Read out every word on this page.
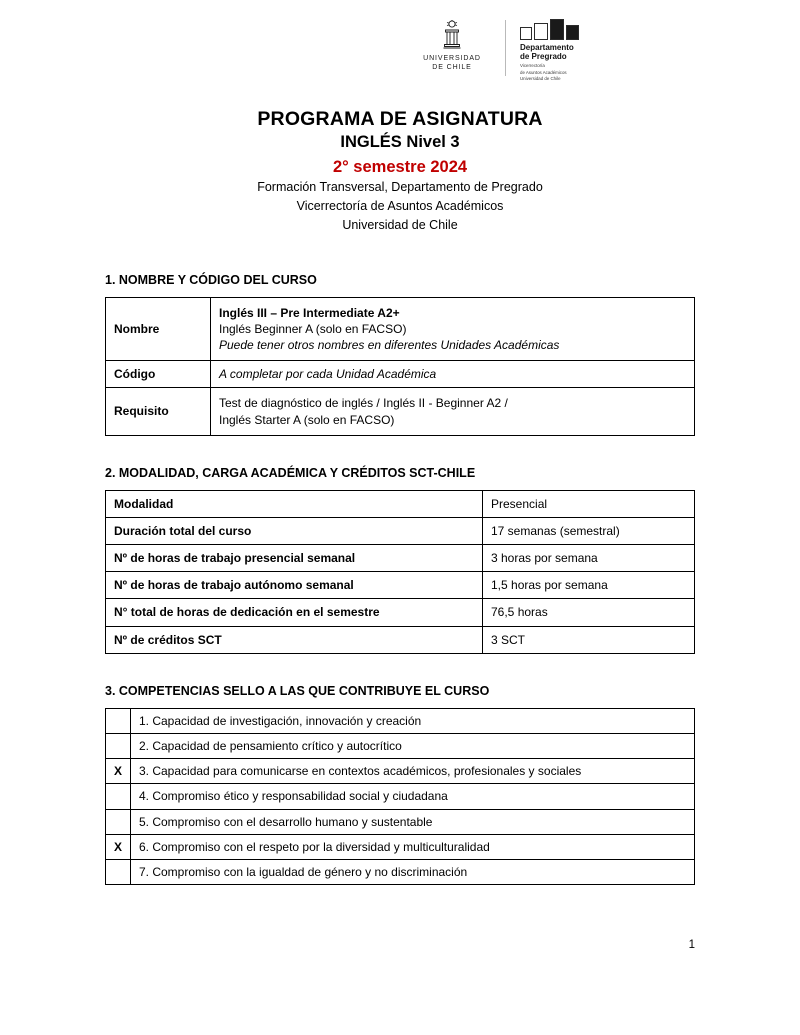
UNIVERSIDAD
DE CHILE
Departamento
de Pregrado
Vicerrectoría
de Asuntos Académicos
Universidad de Chile
PROGRAMA DE ASIGNATURA
INGLÉS Nivel 3
2° semestre 2024
Formación Transversal, Departamento de Pregrado
Vicerrectoría de Asuntos Académicos
Universidad de Chile
1. NOMBRE Y CÓDIGO DEL CURSO
Nombre	Inglés III – Pre Intermediate A2+
Inglés Beginner A (solo en FACSO)
Puede tener otros nombres en diferentes Unidades Académicas

Código	A completar por cada Unidad Académica
Requisito	Test de diagnóstico de inglés / Inglés II - Beginner A2 /
Inglés Starter A (solo en FACSO)
2. MODALIDAD, CARGA ACADÉMICA Y CRÉDITOS SCT-CHILE
Modalidad	Presencial
Duración total del curso	17 semanas (semestral)
Nº de horas de trabajo presencial semanal	3 horas por semana
Nº de horas de trabajo autónomo semanal	1,5 horas por semana
N° total de horas de dedicación en el semestre	76,5 horas
Nº de créditos SCT	3 SCT
3. COMPETENCIAS SELLO A LAS QUE CONTRIBUYE EL CURSO
	1. Capacidad de investigación, innovación y creación
	2. Capacidad de pensamiento crítico y autocrítico
X	3. Capacidad para comunicarse en contextos académicos, profesionales y sociales
	4. Compromiso ético y responsabilidad social y ciudadana
	5. Compromiso con el desarrollo humano y sustentable
X	6. Compromiso con el respeto por la diversidad y multiculturalidad
	7. Compromiso con la igualdad de género y no discriminación
1
